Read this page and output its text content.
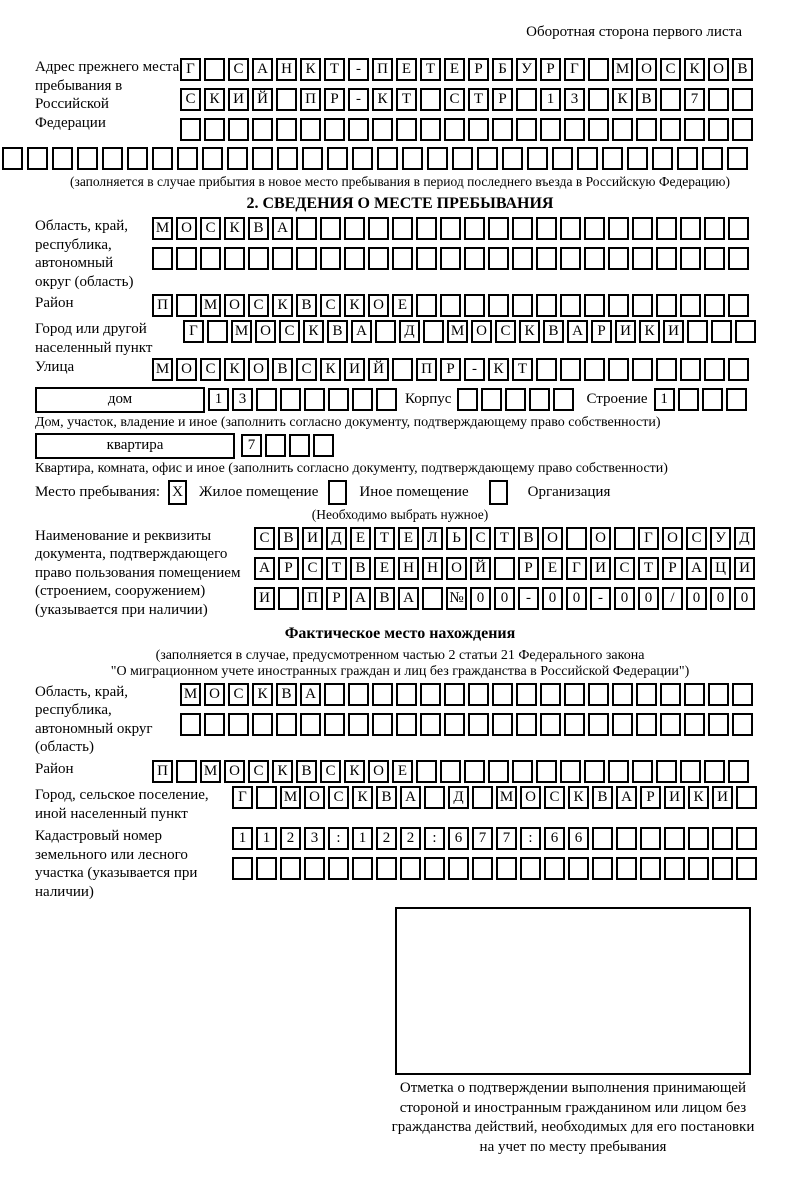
Оборотная сторона первого листа
Адрес прежнего места пребывания в Российской Федерации
Г	С А Н К Т	-	П Е Т Е	Р	Б У Р	Г	М О С К О В
С К И Й	П Р	-	К Т	С Т	Р	1	3	К В	7
(заполняется в случае прибытия в новое место пребывания в период последнего въезда в Российскую Федерацию)
2. СВЕДЕНИЯ О МЕСТЕ ПРЕБЫВАНИЯ
Область, край, республика, автономный округ (область)
М О С К В А
Район	П	М О С К В С К О Е
Город или другой населенный пункт
Г	М О С К В А	Д	М О С К В А Р И К И
Улица	М О С К О В С К И Й	П Р	-	К Т
дом	1	3	Корпус	Строение 1
Дом, участок, владение и иное (заполнить согласно документу, подтверждающему право собственности)
квартира	7
Квартира, комната, офис и иное (заполнить согласно документу, подтверждающему право собственности)
Место пребывания: X Жилое помещение	Иное помещение	Организация
(Необходимо выбрать нужное)
Наименование и реквизиты документа, подтверждающего право пользования помещением (строением, сооружением) (указывается при наличии)
С В И Д Е Т Е Л Ь С Т В О	О	Г О С У Д
А Р С Т В Е Н Н О Й	Р	Е	Г И С Т	Р А Ц И
И	П Р А В А	№ 0	0	-	0	0	-	0	0	/	0	0	0
Фактическое место нахождения
(заполняется в случае, предусмотренном частью 2 статьи 21 Федерального закона
"О миграционном учете иностранных граждан и лиц без гражданства в Российской Федерации")
Область, край, республика, автономный округ (область)
М О С К В А
Район	П	М О С К В С К О Е
Город, сельское поселение, иной населенный пункт
Г	М О С К В А	Д	М О С К В А Р И К И
Кадастровый номер земельного или лесного участка (указывается при наличии)
1	1	2	3	:	1	2	2	:	6	7	7	:	6	6
Отметка о подтверждении выполнения принимающей
стороной и иностранным гражданином или лицом без
гражданства действий, необходимых для его постановки
на учет по месту пребывания
